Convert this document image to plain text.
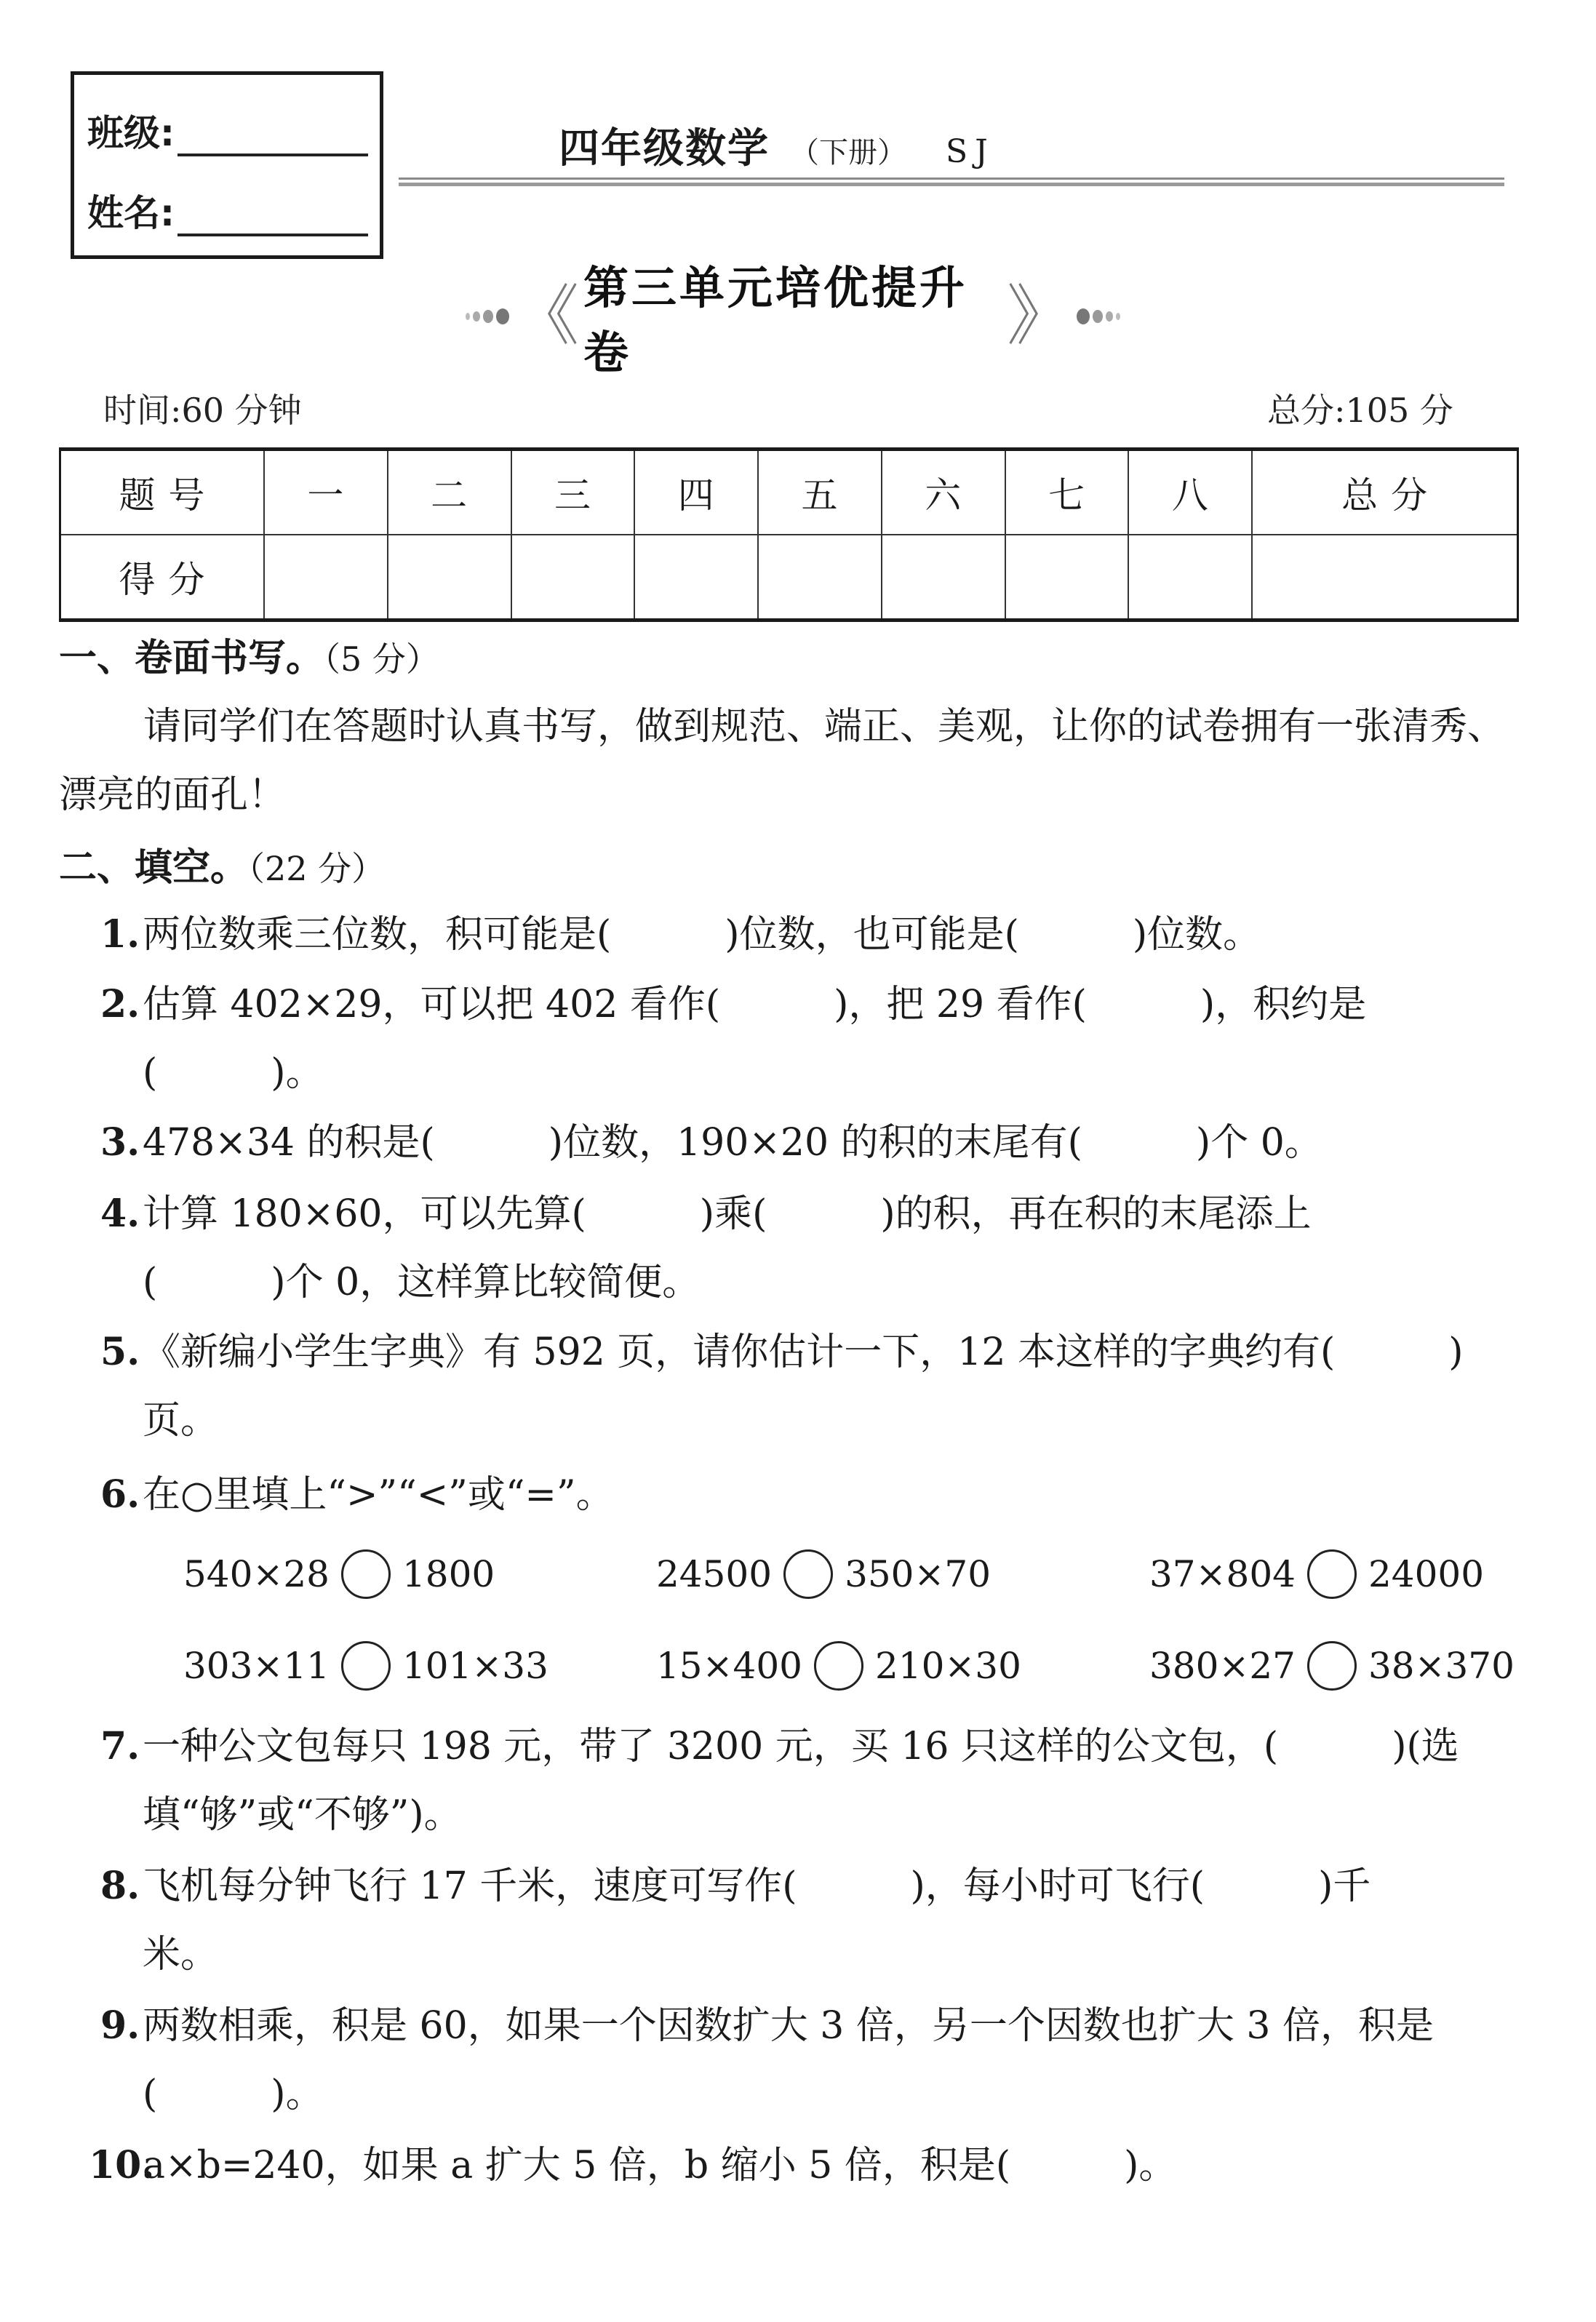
班级:
姓名:
四年级数学 （下册） SJ
《 第三单元培优提升卷	》
时间:60 分钟	总分:105 分
题号	一	二	三	四	五	六	七	八	总分
得分									
一、卷面书写。（5 分）
请同学们在答题时认真书写，做到规范、端正、美观，让你的试卷拥有一张清秀、
漂亮的面孔！
二、填空。（22 分）
1. 两位数乘三位数，积可能是(　　　)位数，也可能是(　　　)位数。
2. 估算 402×29，可以把 402 看作(　　　)，把 29 看作(　　　)，积约是
(　　　)。
3. 478×34 的积是(　　　)位数，190×20 的积的末尾有(　　　)个 0。
4. 计算 180×60，可以先算(　　　)乘(　　　)的积，再在积的末尾添上
(　　　)个 0，这样算比较简便。
5. 《新编小学生字典》有 592 页，请你估计一下，12 本这样的字典约有(　　　)
页。
6. 在○里填上“>”“<”或“=”。
540×28 1800	24500 350×70	37×804 24000
303×11 101×33	15×400 210×30	380×27 38×370
7. 一种公文包每只 198 元，带了 3200 元，买 16 只这样的公文包，(　　　)(选
填“够”或“不够”)。
8. 飞机每分钟飞行 17 千米，速度可写作(　　　)，每小时可飞行(　　　)千
米。
9. 两数相乘，积是 60，如果一个因数扩大 3 倍，另一个因数也扩大 3 倍，积是
(　　　)。
10.
a×b=240，如果 a 扩大 5 倍，b 缩小 5 倍，积是(　　　)。
